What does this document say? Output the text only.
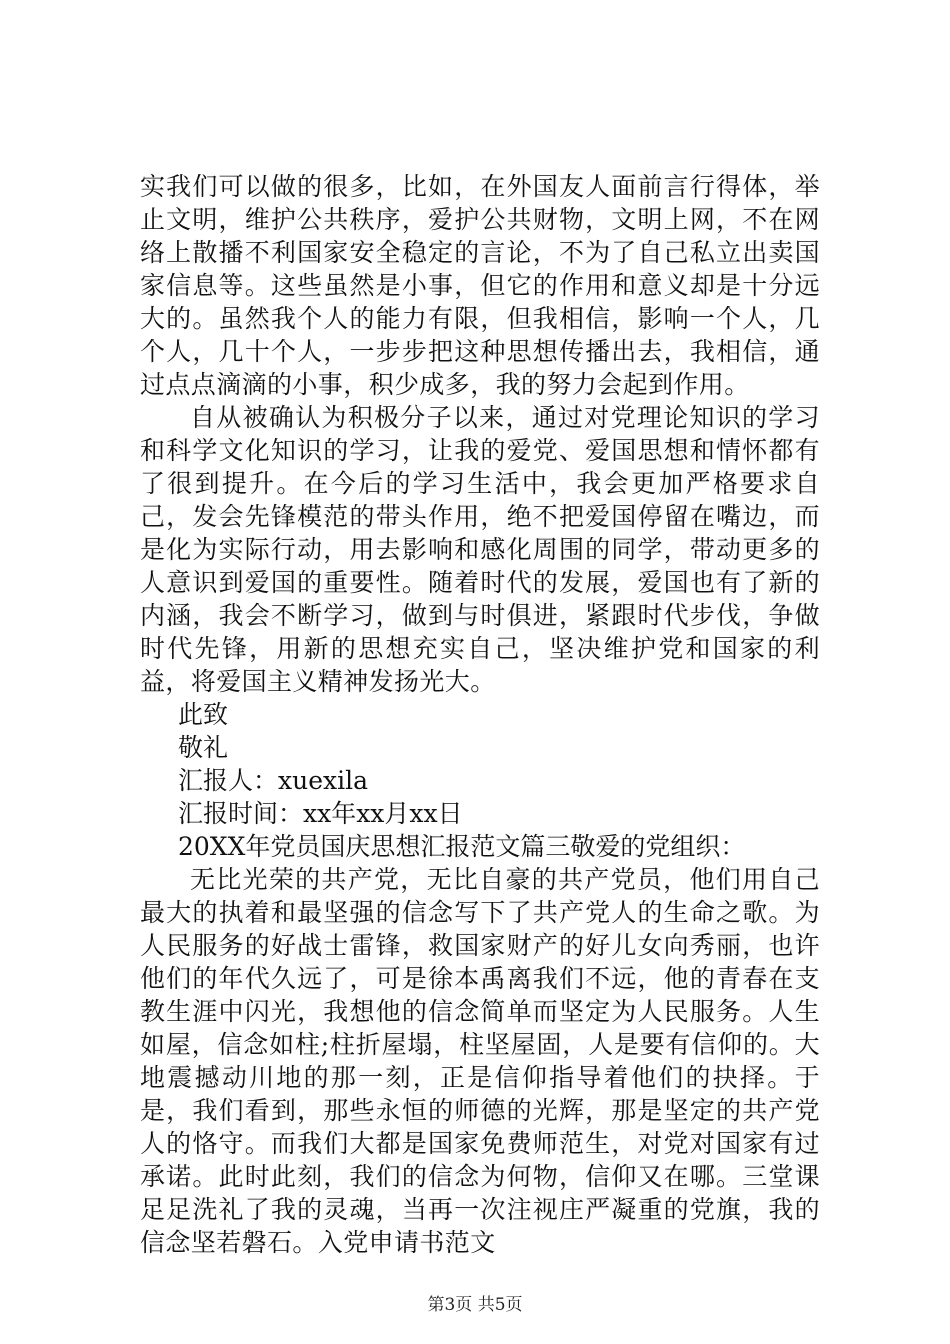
实我们可以做的很多，比如，在外国友人面前言行得体，举止文明，维护公共秩序，爱护公共财物，文明上网，不在网络上散播不利国家安全稳定的言论，不为了自己私立出卖国家信息等。这些虽然是小事，但它的作用和意义却是十分远大的。虽然我个人的能力有限，但我相信，影响一个人，几个人，几十个人，一步步把这种思想传播出去，我相信，通过点点滴滴的小事，积少成多，我的努力会起到作用。

自从被确认为积极分子以来，通过对党理论知识的学习和科学文化知识的学习，让我的爱党、爱国思想和情怀都有了很到提升。在今后的学习生活中，我会更加严格要求自己，发会先锋模范的带头作用，绝不把爱国停留在嘴边，而是化为实际行动，用去影响和感化周围的同学，带动更多的人意识到爱国的重要性。随着时代的发展，爱国也有了新的内涵，我会不断学习，做到与时俱进，紧跟时代步伐，争做时代先锋，用新的思想充实自己，坚决维护党和国家的利益，将爱国主义精神发扬光大。

此致

敬礼

汇报人：xuexila

汇报时间：xx年xx月xx日

20XX年党员国庆思想汇报范文篇三敬爱的党组织：

无比光荣的共产党，无比自豪的共产党员，他们用自己最大的执着和最坚强的信念写下了共产党人的生命之歌。为人民服务的好战士雷锋，救国家财产的好儿女向秀丽，也许他们的年代久远了，可是徐本禹离我们不远，他的青春在支教生涯中闪光，我想他的信念简单而坚定为人民服务。人生如屋，信念如柱;柱折屋塌，柱坚屋固，人是要有信仰的。大地震撼动川地的那一刻，正是信仰指导着他们的抉择。于是，我们看到，那些永恒的师德的光辉，那是坚定的共产党人的恪守。而我们大都是国家免费师范生，对党对国家有过承诺。此时此刻，我们的信念为何物，信仰又在哪。三堂课足足洗礼了我的灵魂，当再一次注视庄严凝重的党旗，我的信念坚若磐石。入党申请书范文

第3页 共5页
